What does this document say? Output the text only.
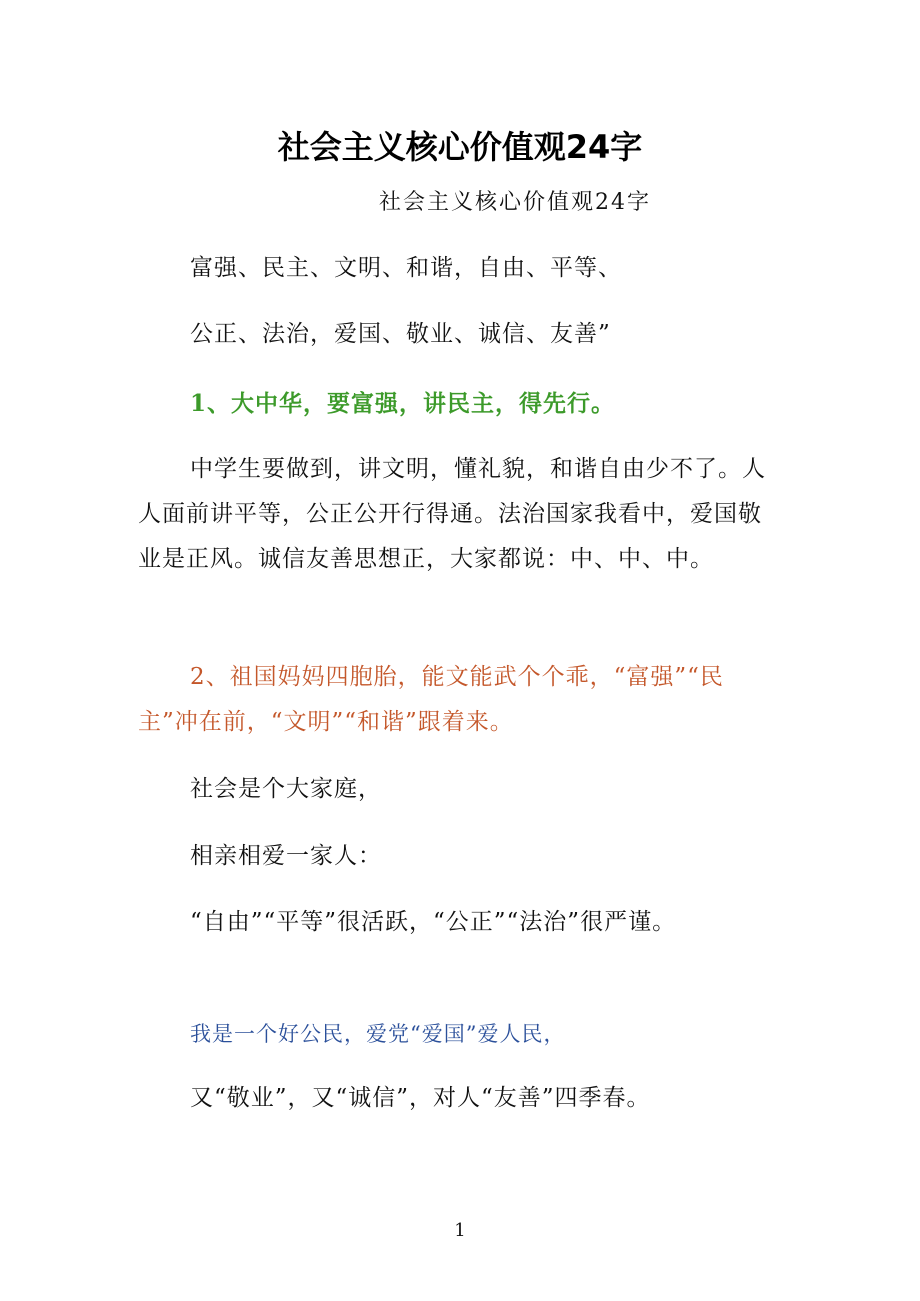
社会主义核心价值观24字
社会主义核心价值观24字

富强、民主、文明、和谐，自由、平等、

公正、法治，爱国、敬业、诚信、友善”

1、大中华，要富强，讲民主，得先行。

中学生要做到，讲文明，懂礼貌，和谐自由少不了。人人面前讲平等，公正公开行得通。法治国家我看中，爱国敬业是正风。诚信友善思想正，大家都说：中、中、中。

2、祖国妈妈四胞胎，能文能武个个乖，“富强”“民主”冲在前，“文明”“和谐”跟着来。

社会是个大家庭，

相亲相爱一家人：

“自由”“平等”很活跃，“公正”“法治”很严谨。

我是一个好公民，爱党“爱国”爱人民，

又“敬业”，又“诚信”，对人“友善”四季春。

1
